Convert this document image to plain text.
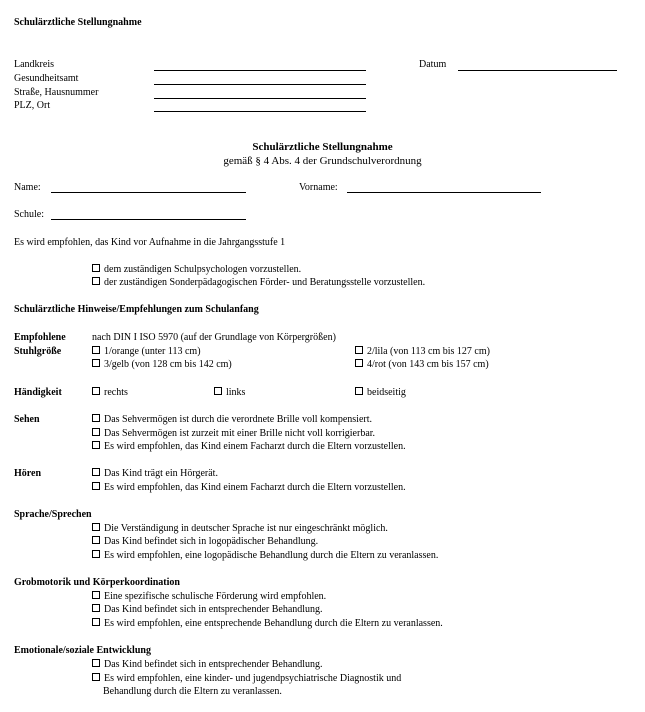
Schulärztliche Stellungnahme
Landkreis
Gesundheitsamt
Straße, Hausnummer
PLZ, Ort
Datum
Schulärztliche Stellungnahme
gemäß § 4 Abs. 4 der Grundschulverordnung
Name:	Vorname:
Schule:
Es wird empfohlen, das Kind vor Aufnahme in die Jahrgangsstufe 1
dem zuständigen Schulpsychologen vorzustellen.
der zuständigen Sonderpädagogischen Förder- und Beratungsstelle vorzustellen.
Schulärztliche Hinweise/Empfehlungen zum Schulanfang
Empfohlene
Stuhlgröße
nach DIN I ISO 5970 (auf der Grundlage von Körpergrößen)
1/orange (unter 113 cm)	2/lila (von 113 cm bis 127 cm)
3/gelb (von 128 cm bis 142 cm)	4/rot (von 143 cm bis 157 cm)
Händigkeit	rechts	links	beidseitig
Sehen	Das Sehvermögen ist durch die verordnete Brille voll kompensiert.
Das Sehvermögen ist zurzeit mit einer Brille nicht voll korrigierbar.
Es wird empfohlen, das Kind einem Facharzt durch die Eltern vorzustellen.
Hören	Das Kind trägt ein Hörgerät.
Es wird empfohlen, das Kind einem Facharzt durch die Eltern vorzustellen.
Sprache/Sprechen
Die Verständigung in deutscher Sprache ist nur eingeschränkt möglich.
Das Kind befindet sich in logopädischer Behandlung.
Es wird empfohlen, eine logopädische Behandlung durch die Eltern zu veranlassen.
Grobmotorik und Körperkoordination
Eine spezifische schulische Förderung wird empfohlen.
Das Kind befindet sich in entsprechender Behandlung.
Es wird empfohlen, eine entsprechende Behandlung durch die Eltern zu veranlassen.
Emotionale/soziale Entwicklung
Das Kind befindet sich in entsprechender Behandlung.
Es wird empfohlen, eine kinder- und jugendpsychiatrische Diagnostik und
Behandlung durch die Eltern zu veranlassen.
